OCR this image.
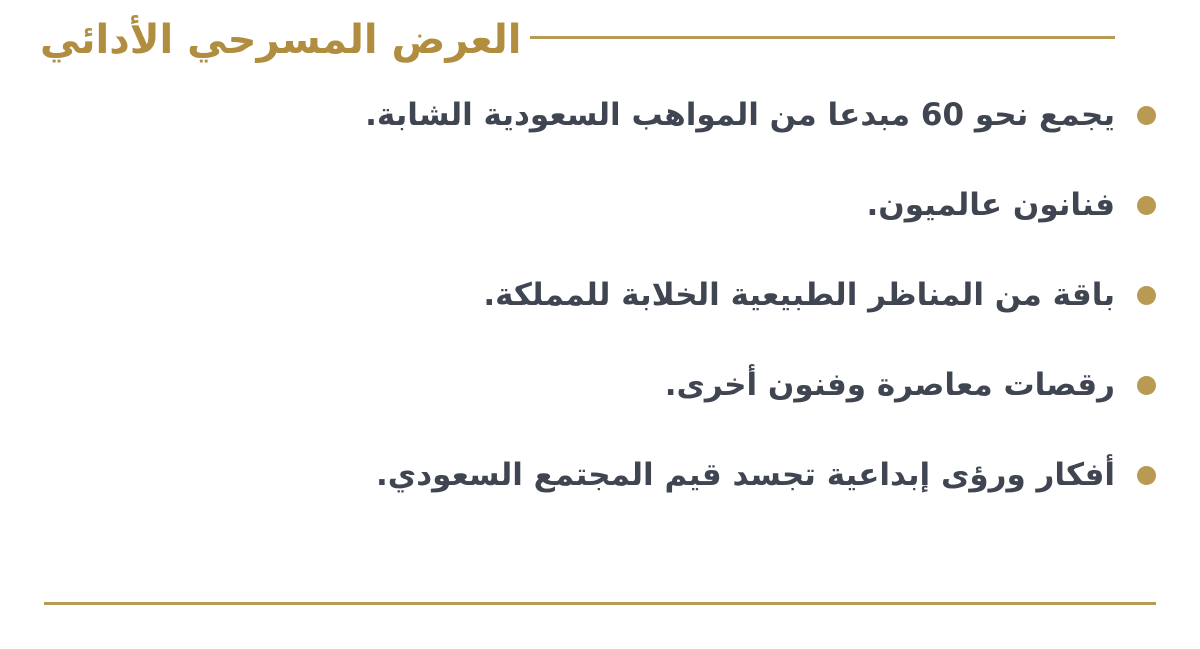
العرض المسرحي الأدائي
يجمع نحو 60 مبدعا من المواهب السعودية الشابة.
فنانون عالميون.
باقة من المناظر الطبيعية الخلابة للمملكة.
رقصات معاصرة وفنون أخرى.
أفكار ورؤى إبداعية تجسد قيم المجتمع السعودي.
